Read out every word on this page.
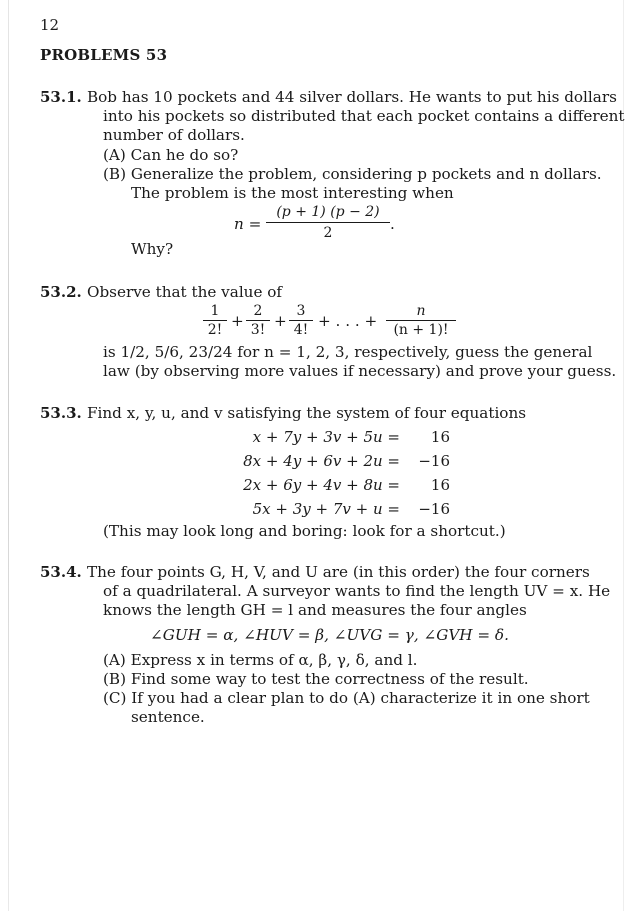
12
PROBLEMS 53
53.1. Bob has 10 pockets and 44 silver dollars. He wants to put his dollars
into his pockets so distributed that each pocket contains a different
number of dollars.
(A) Can he do so?
(B) Generalize the problem, considering p pockets and n dollars.
The problem is the most interesting when
n =
(p + 1) (p − 2)
2	.
Why?
53.2. Observe that the value of
1
2! +
2
3! +
3
4! + . . . +
n
(n + 1)!
is 1/2, 5/6, 23/24 for n = 1, 2, 3, respectively, guess the general
law (by observing more values if necessary) and prove your guess.
53.3. Find x, y, u, and v satisfying the system of four equations
x + 7y + 3v + 5u = 16
8x + 4y + 6v + 2u = −16
2x + 6y + 4v + 8u = 16
5x + 3y + 7v + u = −16
(This may look long and boring: look for a shortcut.)
53.4. The four points G, H, V, and U are (in this order) the four corners
of a quadrilateral. A surveyor wants to find the length UV = x. He
knows the length GH = l and measures the four angles
∠GUH = α, ∠HUV = β, ∠UVG = γ, ∠GVH = δ.
(A) Express x in terms of α, β, γ, δ, and l.
(B) Find some way to test the correctness of the result.
(C) If you had a clear plan to do (A) characterize it in one short
sentence.
